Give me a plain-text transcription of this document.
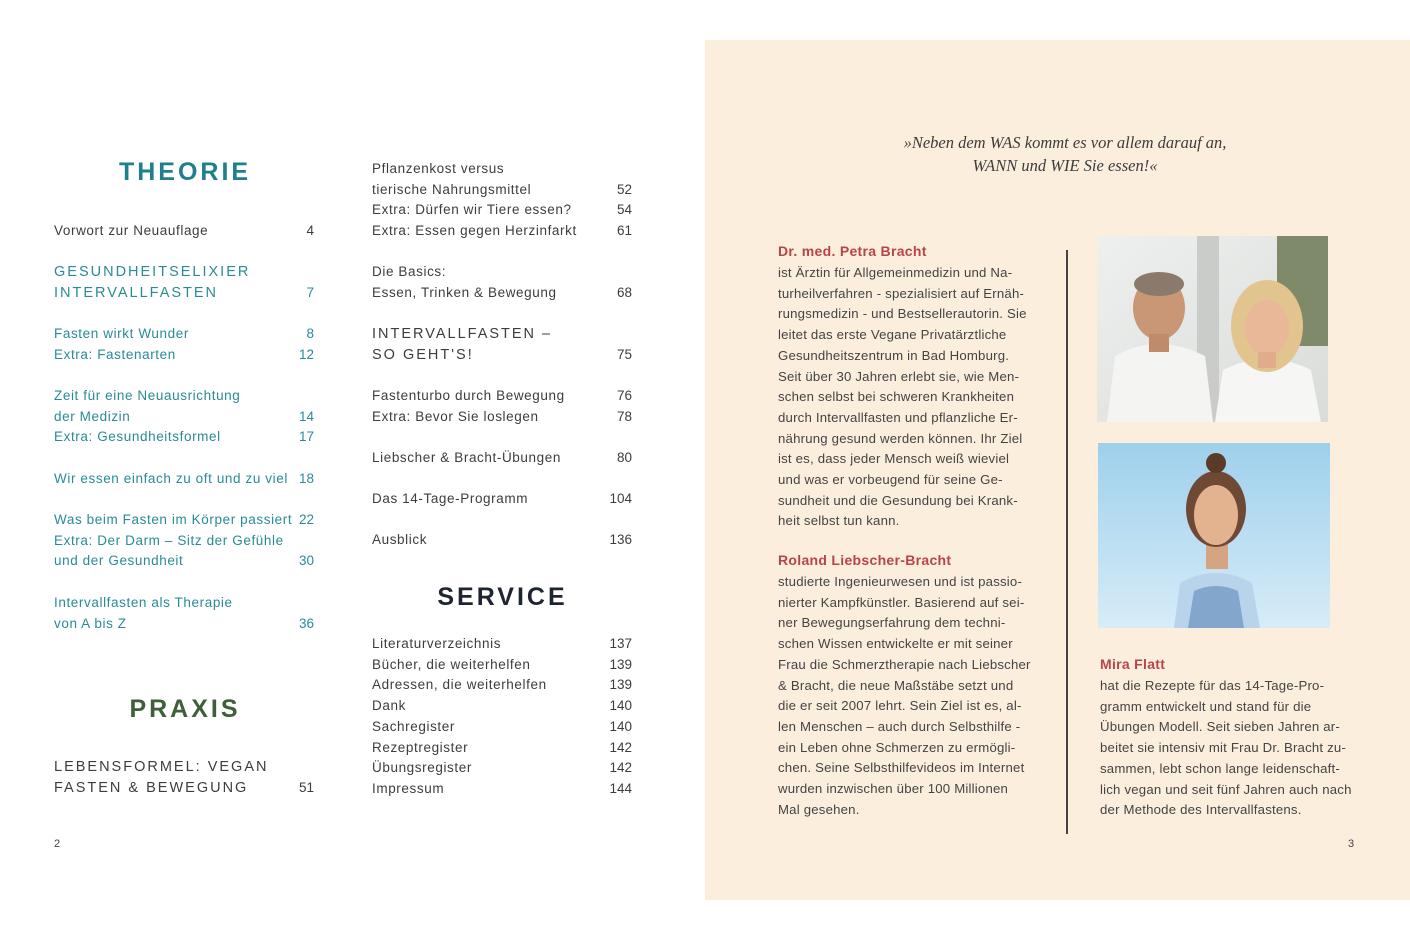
THEORIE
PRAXIS
SERVICE
Vorwort zur Neuauflage	4
GESUNDHEITSELIXIER
INTERVALLFASTEN	7
Fasten wirkt Wunder	8
Extra: Fastenarten	12
Zeit für eine Neuausrichtung
der Medizin	14
Extra: Gesundheitsformel	17
Wir essen einfach zu oft und zu viel 18
Was beim Fasten im Körper passiert 22
Extra: Der Darm – Sitz der Gefühle
und der Gesundheit	30
Intervallfasten als Therapie
von A bis Z	36
LEBENSFORMEL: VEGAN
FASTEN & BEWEGUNG	51
Pflanzenkost versus
tierische Nahrungsmittel	52
Extra: Dürfen wir Tiere essen?	54
Extra: Essen gegen Herzinfarkt	61
Die Basics:
Essen, Trinken & Bewegung	68
INTERVALLFASTEN –
SO GEHT'S!	75
Fastenturbo durch Bewegung	76
Extra: Bevor Sie loslegen	78
Liebscher & Bracht-Übungen	80
Das 14-Tage-Programm	104
Ausblick	136
Literaturverzeichnis	137
Bücher, die weiterhelfen	139
Adressen, die weiterhelfen	139
Dank	140
Sachregister	140
Rezeptregister	142
Übungsregister	142
Impressum	144
2
»Neben dem WAS kommt es vor allem darauf an, WANN und WIE Sie essen!«
Dr. med. Petra Bracht
ist Ärztin für Allgemeinmedizin und Na-
turheilverfahren - spezialisiert auf Ernäh-
rungsmedizin - und Bestsellerautorin. Sie
leitet das erste Vegane Privatärztliche
Gesundheitszentrum in Bad Homburg.
Seit über 30 Jahren erlebt sie, wie Men-
schen selbst bei schweren Krankheiten
durch Intervallfasten und pflanzliche Er-
nährung gesund werden können. Ihr Ziel
ist es, dass jeder Mensch weiß wieviel
und was er vorbeugend für seine Ge-
sundheit und die Gesundung bei Krank-
heit selbst tun kann.
Roland Liebscher-Bracht
studierte Ingenieurwesen und ist passio-
nierter Kampfkünstler. Basierend auf sei-
ner Bewegungserfahrung dem techni-
schen Wissen entwickelte er mit seiner
Frau die Schmerztherapie nach Liebscher
& Bracht, die neue Maßstäbe setzt und
die er seit 2007 lehrt. Sein Ziel ist es, al-
len Menschen – auch durch Selbsthilfe -
ein Leben ohne Schmerzen zu ermögli-
chen. Seine Selbsthilfevideos im Internet
wurden inzwischen über 100 Millionen
Mal gesehen.
Mira Flatt
hat die Rezepte für das 14-Tage-Pro-
gramm entwickelt und stand für die
Übungen Modell. Seit sieben Jahren ar-
beitet sie intensiv mit Frau Dr. Bracht zu-
sammen, lebt schon lange leidenschaft-
lich vegan und seit fünf Jahren auch nach
der Methode des Intervallfastens.
3
